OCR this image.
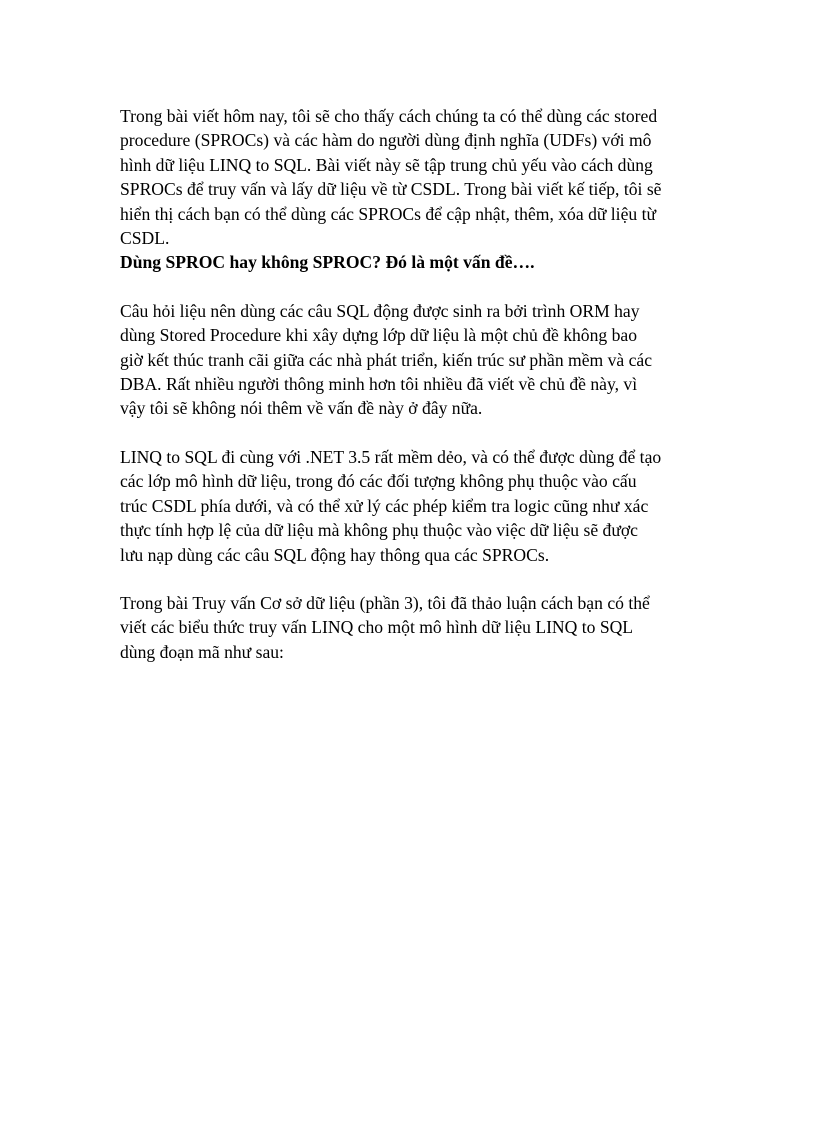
Trong bài viết hôm nay, tôi sẽ cho thấy cách chúng ta có thể dùng các stored
procedure (SPROCs) và các hàm do người dùng định nghĩa (UDFs) với mô
hình dữ liệu LINQ to SQL. Bài viết này sẽ tập trung chủ yếu vào cách dùng
SPROCs để truy vấn và lấy dữ liệu về từ CSDL. Trong bài viết kế tiếp, tôi sẽ
hiển thị cách bạn có thể dùng các SPROCs để cập nhật, thêm, xóa dữ liệu từ
CSDL.

Dùng SPROC hay không SPROC? Đó là một vấn đề….

Câu hỏi liệu nên dùng các câu SQL động được sinh ra bởi trình ORM hay
dùng Stored Procedure khi xây dựng lớp dữ liệu là một chủ đề không bao
giờ kết thúc tranh cãi giữa các nhà phát triển, kiến trúc sư phần mềm và các
DBA. Rất nhiều người thông minh hơn tôi nhiều đã viết về chủ đề này, vì
vậy tôi sẽ không nói thêm về vấn đề này ở đây nữa.

LINQ to SQL đi cùng với .NET 3.5 rất mềm dẻo, và có thể được dùng để tạo
các lớp mô hình dữ liệu, trong đó các đối tượng không phụ thuộc vào cấu
trúc CSDL phía dưới, và có thể xử lý các phép kiểm tra logic cũng như xác
thực tính hợp lệ của dữ liệu mà không phụ thuộc vào việc dữ liệu sẽ được
lưu nạp dùng các câu SQL động hay thông qua các SPROCs.

Trong bài Truy vấn Cơ sở dữ liệu (phần 3), tôi đã thảo luận cách bạn có thể
viết các biểu thức truy vấn LINQ cho một mô hình dữ liệu LINQ to SQL
dùng đoạn mã như sau:
